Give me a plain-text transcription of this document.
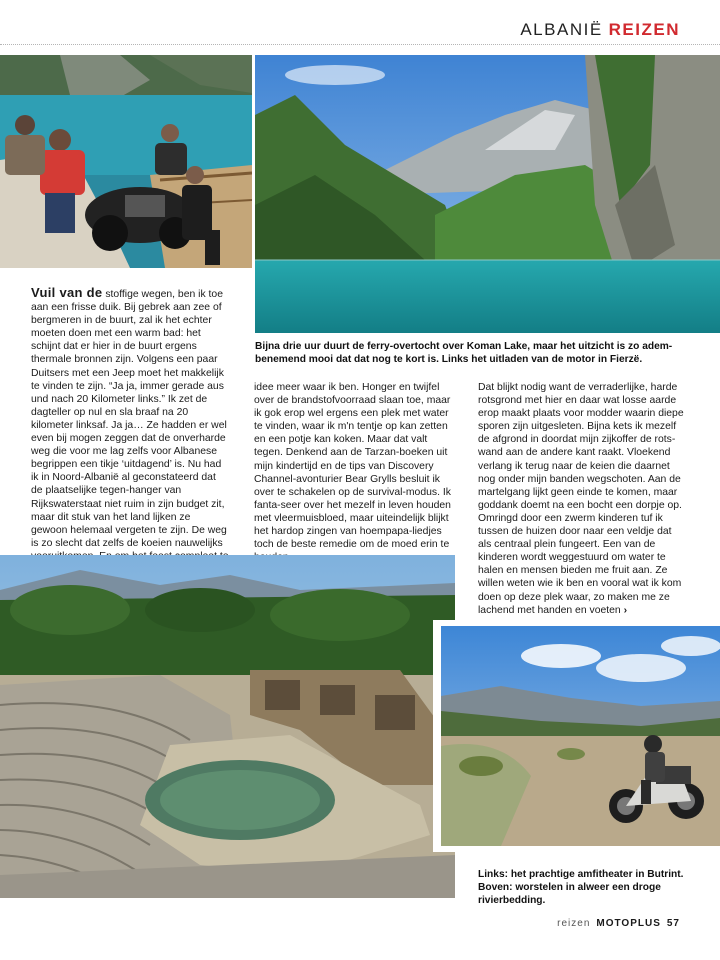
ALBANIË REIZEN
Bijna drie uur duurt de ferry-overtocht over Koman Lake, maar het uitzicht is zo adem-benemend mooi dat dat nog te kort is. Links het uitladen van de motor in Fierzë.

Vuil van de stoffige wegen, ben ik toe aan een frisse duik. Bij gebrek aan zee of bergmeren in de buurt, zal ik het echter moeten doen met een warm bad: het schijnt dat er hier in de buurt ergens thermale bronnen zijn. Volgens een paar Duitsers met een Jeep moet het makkelijk te vinden te zijn. “Ja ja, immer gerade aus und nach 20 Kilometer links.” Ik zet de dagteller op nul en sla braaf na 20 kilometer linksaf. Ja ja… Ze hadden er wel even bij mogen zeggen dat de onverharde weg die voor me lag zelfs voor Albanese begrippen een tikje ‘uitdagend’ is. Nu had ik in Noord-Albanië al geconstateerd dat de plaatselijke tegen-hanger van Rijkswaterstaat niet ruim in zijn budget zit, maar dit stuk van het land lijken ze gewoon helemaal vergeten te zijn. De weg is zo slecht dat zelfs de koeien nauwelijks

idee meer waar ik ben. Honger en twijfel over de brandstofvoorraad slaan toe, maar ik gok erop wel ergens een plek met water te vinden, waar ik m'n tentje op kan zetten en een potje kan koken. Maar dat valt tegen. Denkend aan de Tarzan-boeken uit mijn kindertijd en de tips van Discovery Channel-avonturier Bear Grylls besluit ik over te schakelen op de survival-modus. Ik fanta-seer over het mezelf in leven houden met vleermuisbloed, maar uiteindelijk blijkt het hardop zingen van hoempapa-liedjes toch de beste remedie om de moed erin te

Dat blijkt nodig want de verraderlijke, harde rotsgrond met hier en daar wat losse aarde erop maakt plaats voor modder waarin diepe sporen zijn uitgesleten. Bijna kets ik mezelf de afgrond in doordat mijn zijkoffer de rots-wand aan de andere kant raakt. Vloekend verlang ik terug naar de keien die daarnet nog onder mijn banden wegschoten. Aan de martelgang lijkt geen einde te komen, maar goddank doemt na een bocht een dorpje op. Omringd door een zwerm kinderen tuf ik tussen de huizen door naar een veldje dat als centraal plein fungeert. Een van de kinderen wordt weggestuurd om water te halen en mensen bieden me fruit aan. Ze willen weten wie ik ben en vooral wat ik kom doen op deze plek waar, zo maken me ze lachend met handen en voeten ›

Links: het prachtige amfitheater in Butrint. Boven: worstelen in alweer een droge rivierbedding.
reizen MOTOPLUS 57
